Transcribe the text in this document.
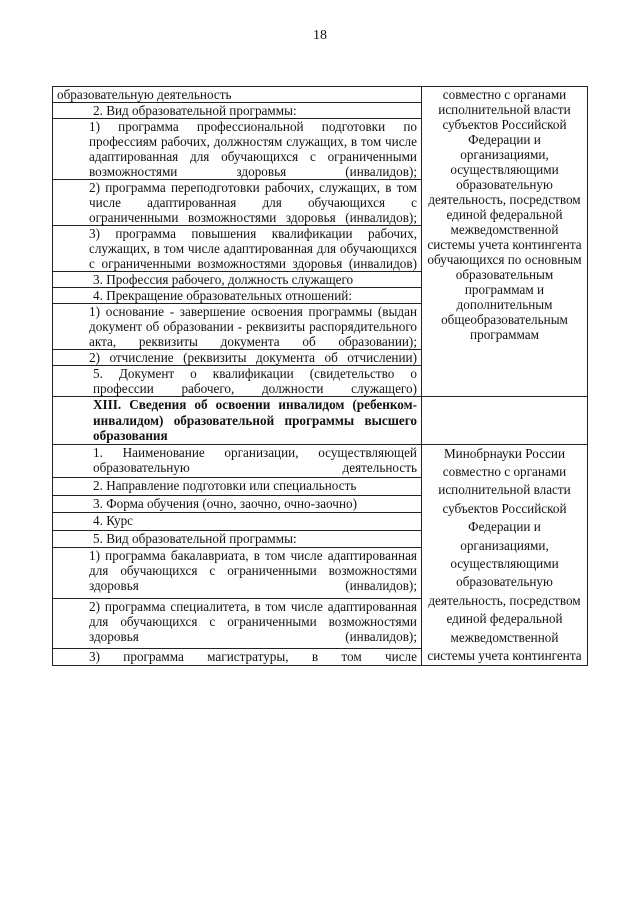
18
образовательную деятельность	совместно с органами исполнительной власти субъектов Российской Федерации и организациями, осуществляющими образовательную деятельность, посредством единой федеральной межведомственной системы учета контингента обучающихся по основным образовательным программам и дополнительным общеобразовательным программам
2. Вид образовательной программы:	
1) программа профессиональной подготовки по профессиям рабочих, должностям служащих, в том числе адаптированная для обучающихся с ограниченными возможностями здоровья (инвалидов);	
2) программа переподготовки рабочих, служащих, в том числе адаптированная для обучающихся с ограниченными возможностями здоровья (инвалидов);	
3) программа повышения квалификации рабочих, служащих, в том числе адаптированная для обучающихся с ограниченными возможностями здоровья (инвалидов)	
3. Профессия рабочего, должность служащего	
4. Прекращение образовательных отношений:	
1) основание - завершение освоения программы (выдан документ об образовании - реквизиты распорядительного акта, реквизиты документа об образовании);	
2) отчисление (реквизиты документа об отчислении)	
5. Документ о квалификации (свидетельство о профессии рабочего, должности служащего)	
XIII. Сведения об освоении инвалидом (ребенком-инвалидом) образовательной программы высшего образования	
1. Наименование организации, осуществляющей образовательную деятельность	Минобрнауки России совместно с органами исполнительной власти субъектов Российской Федерации и организациями, осуществляющими образовательную деятельность, посредством единой федеральной межведомственной системы учета контингента
2. Направление подготовки или специальность	
3. Форма обучения (очно, заочно, очно-заочно)	
4. Курс	
5. Вид образовательной программы:	
1) программа бакалавриата, в том числе адаптированная для обучающихся с ограниченными возможностями здоровья (инвалидов);	
2) программа специалитета, в том числе адаптированная для обучающихся с ограниченными возможностями здоровья (инвалидов);	
3) программа магистратуры, в том числе	
